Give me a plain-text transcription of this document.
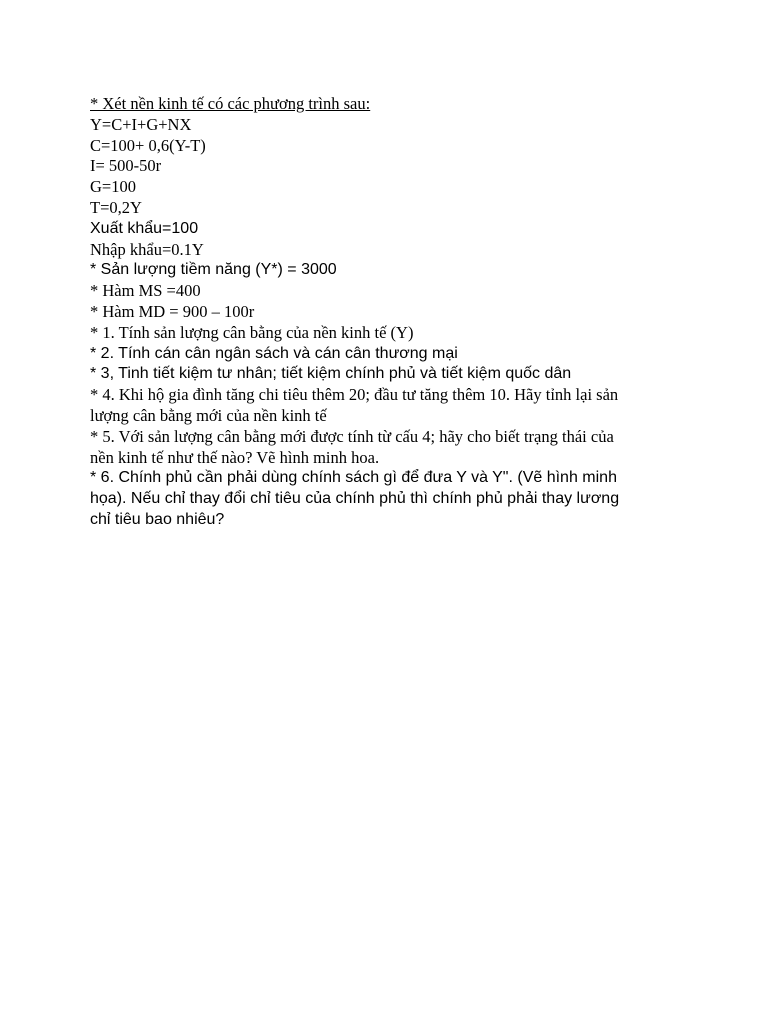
* Xét nền kinh tế có các phương trình sau:

Y=C+I+G+NX

C=100+ 0,6(Y-T)

I= 500-50r

G=100

T=0,2Y

Xuất khẩu=100

Nhập khẩu=0.1Y

* Sản lượng tiềm năng (Y*) = 3000

* Hàm MS =400

* Hàm MD = 900 – 100r

* 1. Tính sản lượng cân bằng của nền kinh tế (Y)

* 2. Tính cán cân ngân sách và cán cân thương mại

* 3, Tinh tiết kiệm tư nhân; tiết kiệm chính phủ và tiết kiệm quốc dân

* 4. Khi hộ gia đình tăng chi tiêu thêm 20; đầu tư tăng thêm 10. Hãy tỉnh lại sản

lượng cân bằng mới của nền kinh tế

* 5. Với sản lượng cân bằng mới được tính từ cấu 4; hãy cho biết trạng thái của

nền kinh tế như thế nào? Vẽ hình minh hoa.

* 6. Chính phủ cần phải dùng chính sách gì để đưa Y và Y". (Vẽ hình minh

họa). Nếu chỉ thay đổi chỉ tiêu của chính phủ thì chính phủ phải thay lương

chỉ tiêu bao nhiêu?
